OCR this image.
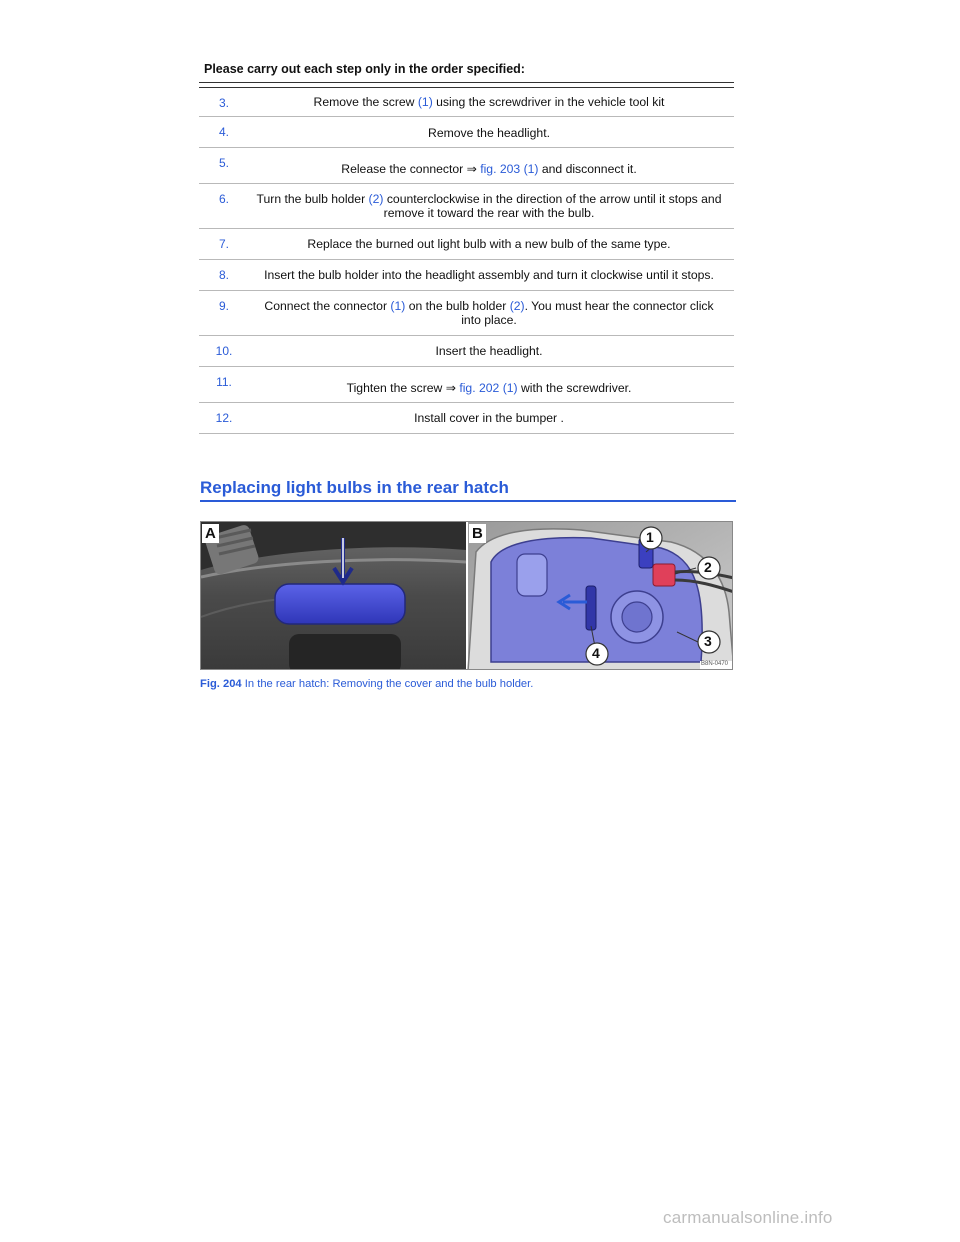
Please carry out each step only in the order specified:
3.	Remove the screw (1) using the screwdriver in the vehicle tool kit
4.	Remove the headlight.
5.	Release the connector ⇒ fig. 203 (1) and disconnect it.
6.	Turn the bulb holder (2) counterclockwise in the direction of the arrow until it stops and remove it toward the rear with the bulb.
7.	Replace the burned out light bulb with a new bulb of the same type.
8.	Insert the bulb holder into the headlight assembly and turn it clockwise until it stops.
9.	Connect the connector (1) on the bulb holder (2). You must hear the connector click into place.
10.	Insert the headlight.
11.	Tighten the screw ⇒ fig. 202 (1) with the screwdriver.
12.	Install cover in the bumper .
Replacing light bulbs in the rear hatch
A	B	1
2
3
4
B8N-0470
Fig. 204 In the rear hatch: Removing the cover and the bulb holder.
carmanualsonline.info
